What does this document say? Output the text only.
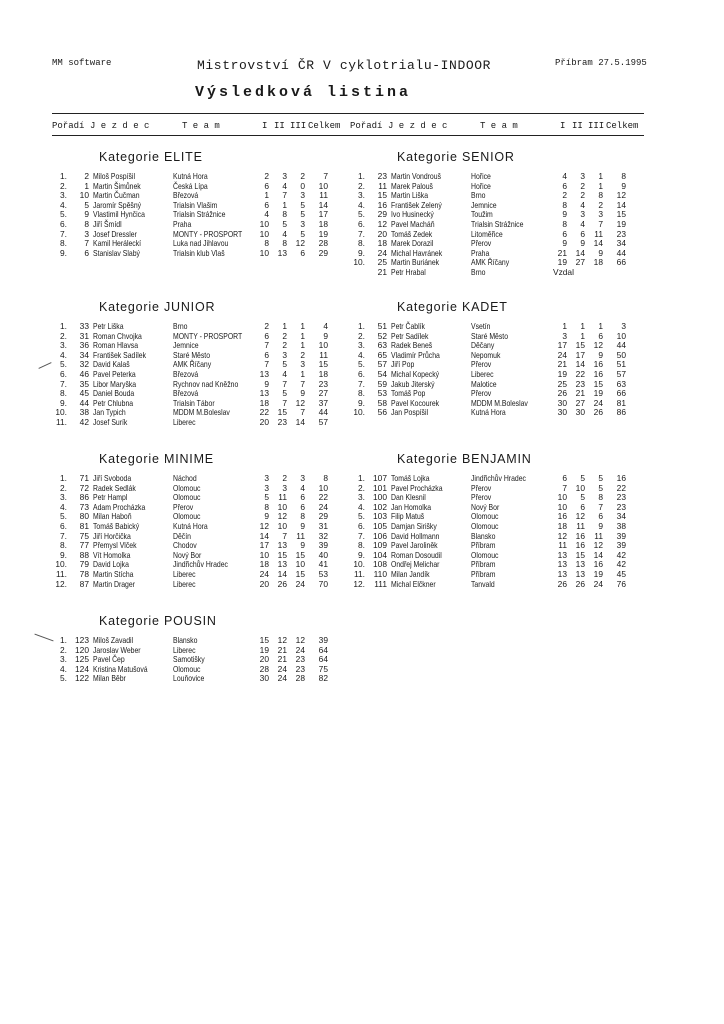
MM software	Mistrovství ČR V cyklotrialu-INDOOR	Příbram 27.5.1995
Výsledková listina
Pořadí J e z d e c	T e a m	I II III Celkem Pořadí J e z d e c	T e a m	I II III Celkem
Kategorie ELITE
1.	2 Miloš Pospíšil	Kutná Hora	2	3	2	7
2.	1 Martin Šimůnek	Česká Lípa	6	4	0	10
3.	10 Martin Čučman	Březová	1	7	3	11
4.	5 Jaromír Spěšný	Trialsin Vlašim	6	1	5	14
5.	9 Vlastimil Hynčica	Trialsin Strážnice	4	8	5	17
6.	8 Jiří Šmídl	Praha	10	5	3	18
7.	3 Josef Dressler	MONTY - PROSPORT	10	4	5	19
8.	7 Kamil Heráleckí	Luka nad Jihlavou	8	8	12	28
9.	6 Stanislav Slabý	Trialsin klub Vlaš	10	13	6	29
Kategorie SENIOR
1.	23 Martin Vondrouš	Hořice	4	3	1	8
2.	11 Marek Palouš	Hořice	6	2	1	9
3.	15 Martin Liška	Brno	2	2	8	12
4.	16 František Zelený	Jemnice	8	4	2	14
5.	29 Ivo Husinecký	Toužim	9	3	3	15
6.	12 Pavel Macháň	Trialsin Strážnice	8	4	7	19
7.	20 Tomáš Zedek	Litoměřice	6	6	11	23
8.	18 Marek Dorazil	Přerov	9	9	14	34
9.	24 Michal Havránek	Praha	21	14	9	44
10.	25 Martin Buriánek	AMK Říčany	19	27	18	66
21 Petr Hrabal	Brno	Vzdal
Kategorie JUNIOR
1.	33 Petr Liška	Brno	2	1	1	4
2.	31 Roman Chvojka	MONTY - PROSPORT	6	2	1	9
3.	36 Roman Hlavsa	Jemnice	7	2	1	10
4.	34 František Sadílek	Staré Město	6	3	2	11
5.	32 David Kalaš	AMK Říčany	7	5	3	15
6.	46 Pavel Peterka	Březová	13	4	1	18
7.	35 Libor Maryška	Rychnov nad Kněžno	9	7	7	23
8.	45 Daniel Bouda	Březová	13	5	9	27
9.	44 Petr Chlubna	Trialsin Tábor	18	7	12	37
10.	38 Jan Typich	MDDM M.Boleslav	22	15	7	44
11.	42 Josef Surík	Liberec	20	23	14	57
Kategorie KADET
1.	51 Petr Čablík	Vsetín	1	1	1	3
2.	52 Petr Sadílek	Staré Město	3	1	6	10
3.	63 Radek Beneš	Děčany	17	15	12	44
4.	65 Vladimír Průcha	Nepomuk	24	17	9	50
5.	57 Jiří Pop	Přerov	21	14	16	51
6.	54 Michal Kopecký	Liberec	19	22	16	57
7.	59 Jakub Jiterský	Malotice	25	23	15	63
8.	53 Tomáš Pop	Přerov	26	21	19	66
9.	58 Pavel Kocourek	MDDM M.Boleslav	30	27	24	81
10.	56 Jan Pospíšil	Kutná Hora	30	30	26	86
Kategorie MINIME
1.	71 Jiří Svoboda	Náchod	3	2	3	8
2.	72 Radek Sedlák	Olomouc	3	3	4	10
3.	86 Petr Hampl	Olomouc	5	11	6	22
4.	73 Adam Procházka	Přerov	8	10	6	24
5.	80 Milan Haboň	Olomouc	9	12	8	29
6.	81 Tomáš Babický	Kutná Hora	12	10	9	31
7.	75 Jiří Horčička	Děčín	14	7	11	32
8.	77 Přemysl Vlček	Chodov	17	13	9	39
9.	88 Vít Homolka	Nový Bor	10	15	15	40
10.	79 David Lojka	Jindřichův Hradec	18	13	10	41
11.	78 Martin Stícha	Liberec	24	14	15	53
12.	87 Martin Drager	Liberec	20	26	24	70
Kategorie BENJAMIN
1. 107 Tomáš Lojka	Jindřichův Hradec	6	5	5	16
2. 101 Pavel Procházka	Přerov	7	10	5	22
3. 100 Dan Klesnil	Přerov	10	5	8	23
4. 102 Jan Homolka	Nový Bor	10	6	7	23
5. 103 Filip Matuš	Olomouc	16	12	6	34
6. 105 Damjan Sirišky	Olomouc	18	11	9	38
7. 106 David Hollmann	Blansko	12	16	11	39
8. 109 Pavel Jaroliněk	Příbram	11	16	12	39
9. 104 Roman Dosoudil	Olomouc	13	15	14	42
10. 108 Ondřej Melichar	Příbram	13	13	16	42
11.	110 Milan Jandík	Příbram	13	13	19	45
12.	111 Michal Elčkner	Tanvald	26	26	24	76
Kategorie POUSIN
1. 123 Miloš Zavadil	Blansko	15	12	12	39
2. 120 Jaroslav Weber	Liberec	19	21	24	64
3. 125 Pavel Čep	Samotišky	20	21	23	64
4. 124 Kristina Matušová	Olomouc	28	24	23	75
5. 122 Milan Běbr	Louňovice	30	24	28	82
